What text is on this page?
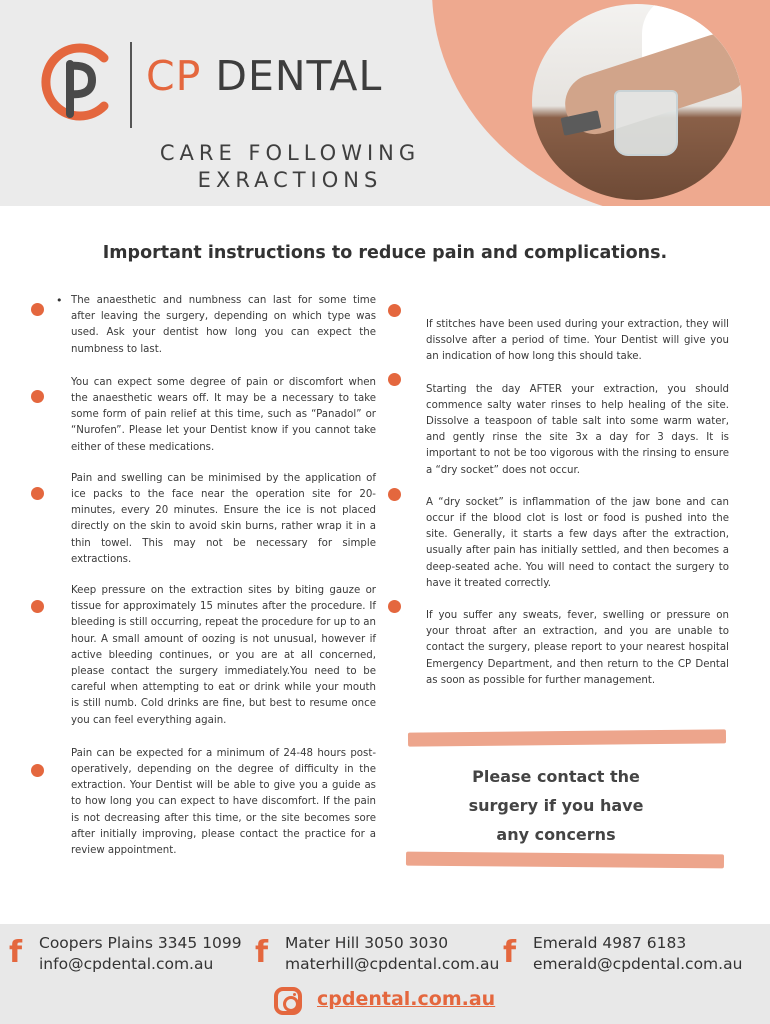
CP DENTAL
CARE FOLLOWING
EXRACTIONS
Important instructions to reduce pain and complications.

• The anaesthetic and numbness can last for some time after leaving the surgery, depending on which type was used. Ask your dentist how long you can expect the numbness to last.

You can expect some degree of pain or discomfort when the anaesthetic wears off. It may be a necessary to take some form of pain relief at this time, such as “Panadol” or “Nurofen”. Please let your Dentist know if you cannot take either of these medications.

Pain and swelling can be minimised by the application of ice packs to the face near the operation site for 20-minutes, every 20 minutes. Ensure the ice is not placed directly on the skin to avoid skin burns, rather wrap it in a thin towel. This may not be necessary for simple extractions.

Keep pressure on the extraction sites by biting gauze or tissue for approximately 15 minutes after the procedure. If bleeding is still occurring, repeat the procedure for up to an hour. A small amount of oozing is not unusual, however if active bleeding continues, or you are at all concerned, please contact the surgery immediately.You need to be careful when attempting to eat or drink while your mouth is still numb. Cold drinks are fine, but best to resume once you can feel everything again.

Pain can be expected for a minimum of 24-48 hours post-operatively, depending on the degree of difficulty in the extraction. Your Dentist will be able to give you a guide as to how long you can expect to have discomfort. If the pain is not decreasing after this time, or the site becomes sore after initially improving, please contact the practice for a review appointment.

If stitches have been used during your extraction, they will dissolve after a period of time. Your Dentist will give you an indication of how long this should take.

Starting the day AFTER your extraction, you should commence salty water rinses to help healing of the site. Dissolve a teaspoon of table salt into some warm water, and gently rinse the site 3x a day for 3 days. It is important to not be too vigorous with the rinsing to ensure a “dry socket” does not occur.

A “dry socket” is inflammation of the jaw bone and can occur if the blood clot is lost or food is pushed into the site. Generally, it starts a few days after the extraction, usually after pain has initially settled, and then becomes a deep-seated ache. You will need to contact the surgery to have it treated correctly.

If you suffer any sweats, fever, swelling or pressure on your throat after an extraction, and you are unable to contact the surgery, please report to your nearest hospital Emergency Department, and then return to the CP Dental as soon as possible for further management.

Please contact the
surgery if you have
any concerns
f Coopers Plains 3345 1099
info@cpdental.com.au f Mater Hill 3050 3030
materhill@cpdental.com.au f Emerald 4987 6183
emerald@cpdental.com.au
cpdental.com.au
